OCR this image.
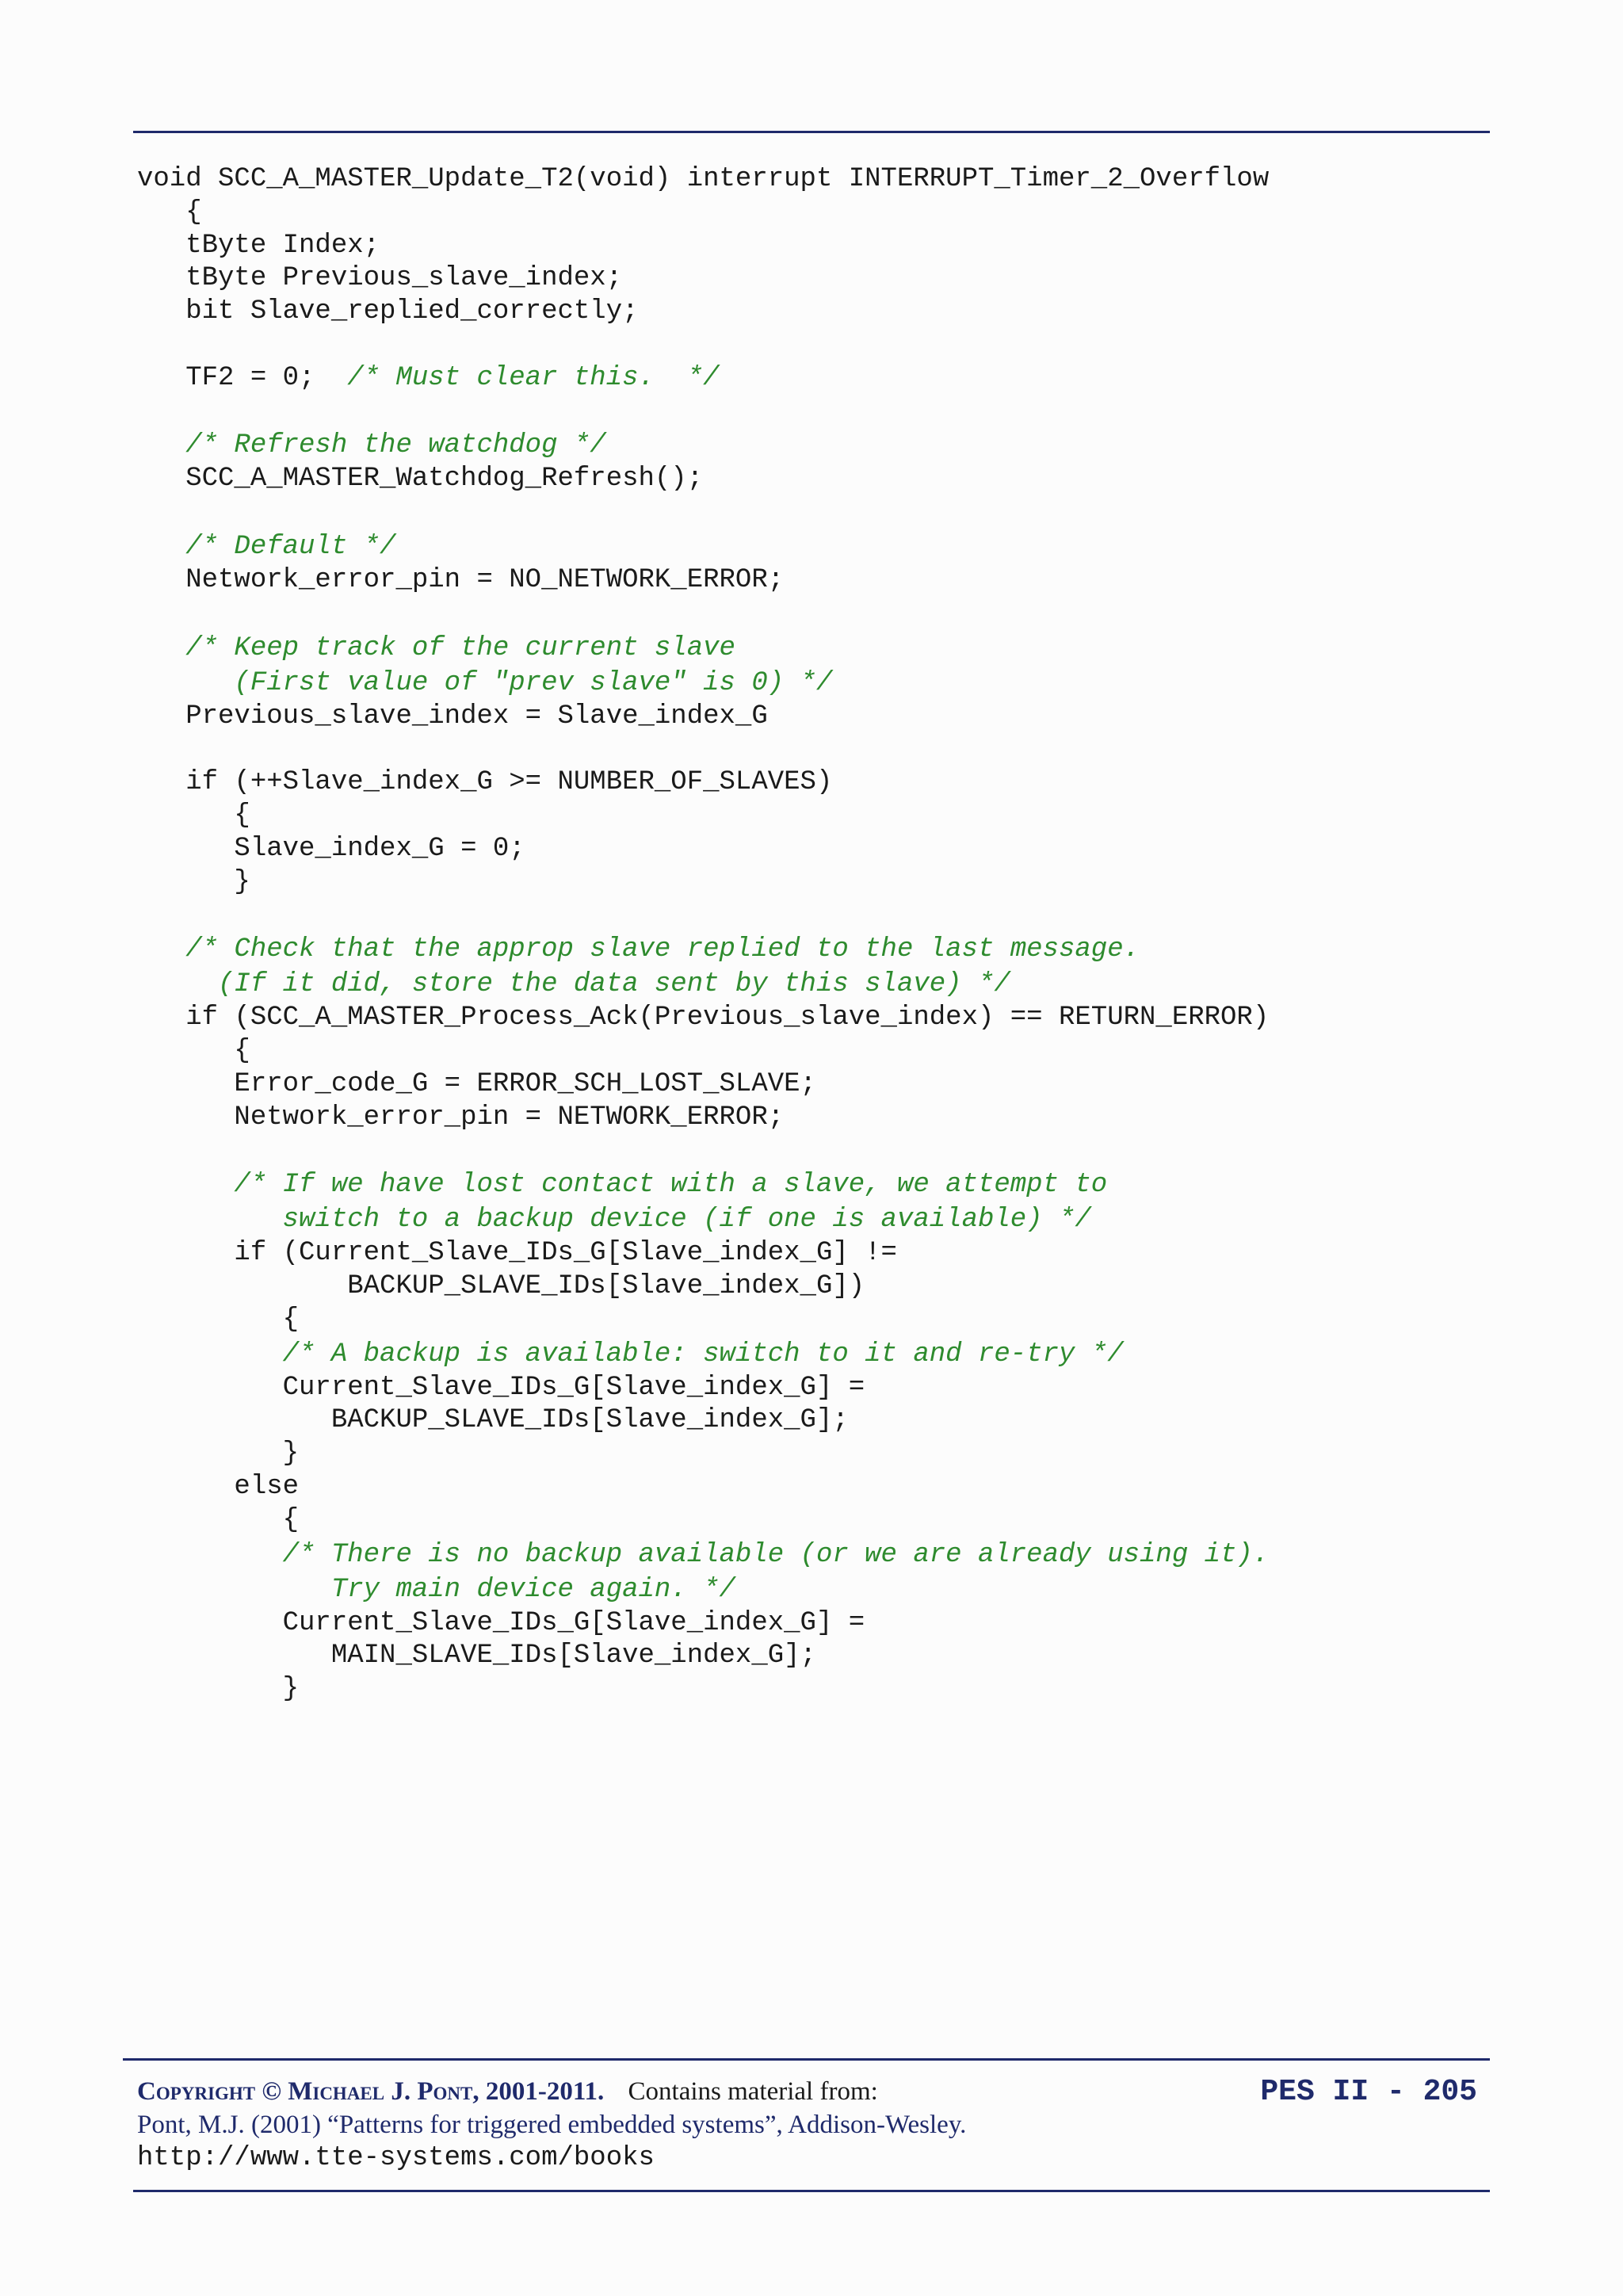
void SCC_A_MASTER_Update_T2(void) interrupt INTERRUPT_Timer_2_Overflow
{
tByte Index;
tByte Previous_slave_index;
bit Slave_replied_correctly;
TF2 = 0;  /* Must clear this.  */
/* Refresh the watchdog */
SCC_A_MASTER_Watchdog_Refresh();
/* Default */
Network_error_pin = NO_NETWORK_ERROR;
/* Keep track of the current slave
(First value of "prev slave" is 0) */
Previous_slave_index = Slave_index_G
if (++Slave_index_G >= NUMBER_OF_SLAVES)
{
Slave_index_G = 0;
}
/* Check that the approp slave replied to the last message.
(If it did, store the data sent by this slave) */
if (SCC_A_MASTER_Process_Ack(Previous_slave_index) == RETURN_ERROR)
{
Error_code_G = ERROR_SCH_LOST_SLAVE;
Network_error_pin = NETWORK_ERROR;
/* If we have lost contact with a slave, we attempt to
switch to a backup device (if one is available) */
if (Current_Slave_IDs_G[Slave_index_G] !=
BACKUP_SLAVE_IDs[Slave_index_G])
{
/* A backup is available: switch to it and re-try */
Current_Slave_IDs_G[Slave_index_G] =
BACKUP_SLAVE_IDs[Slave_index_G];
}
else
{
/* There is no backup available (or we are already using it).
Try main device again. */
Current_Slave_IDs_G[Slave_index_G] =
MAIN_SLAVE_IDs[Slave_index_G];
}
Copyright © Michael J. Pont, 2001-2011. Contains material from:
Pont, M.J. (2001) “Patterns for triggered embedded systems”, Addison-Wesley.
http://www.tte-systems.com/books
PES II - 205
